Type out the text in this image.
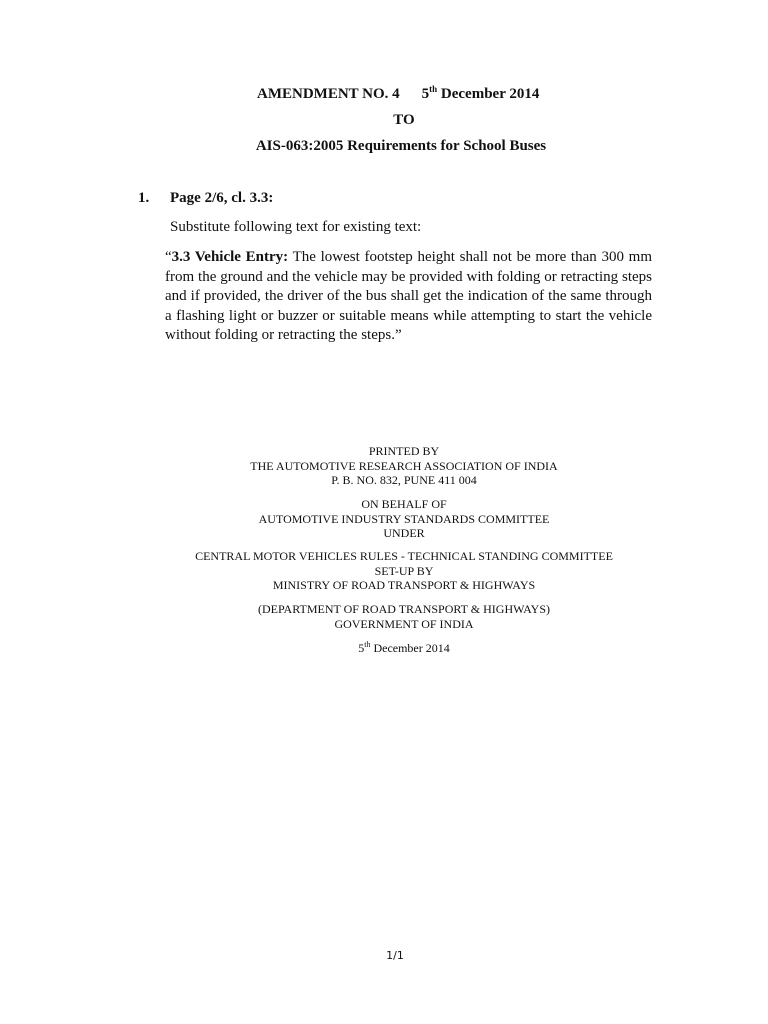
AMENDMENT NO. 4 5th December 2014
TO
AIS-063:2005 Requirements for School Buses
1. Page 2/6, cl. 3.3:
Substitute following text for existing text:
“3.3 Vehicle Entry: The lowest footstep height shall not be more than 300 mm from the ground and the vehicle may be provided with folding or retracting steps and if provided, the driver of the bus shall get the indication of the same through a flashing light or buzzer or suitable means while attempting to start the vehicle without folding or retracting the steps.”
PRINTED BY
THE AUTOMOTIVE RESEARCH ASSOCIATION OF INDIA
P. B. NO. 832, PUNE 411 004
ON BEHALF OF
AUTOMOTIVE INDUSTRY STANDARDS COMMITTEE
UNDER
CENTRAL MOTOR VEHICLES RULES - TECHNICAL STANDING COMMITTEE
SET-UP BY
MINISTRY OF ROAD TRANSPORT & HIGHWAYS
(DEPARTMENT OF ROAD TRANSPORT & HIGHWAYS)
GOVERNMENT OF INDIA
5th December 2014
1/1
